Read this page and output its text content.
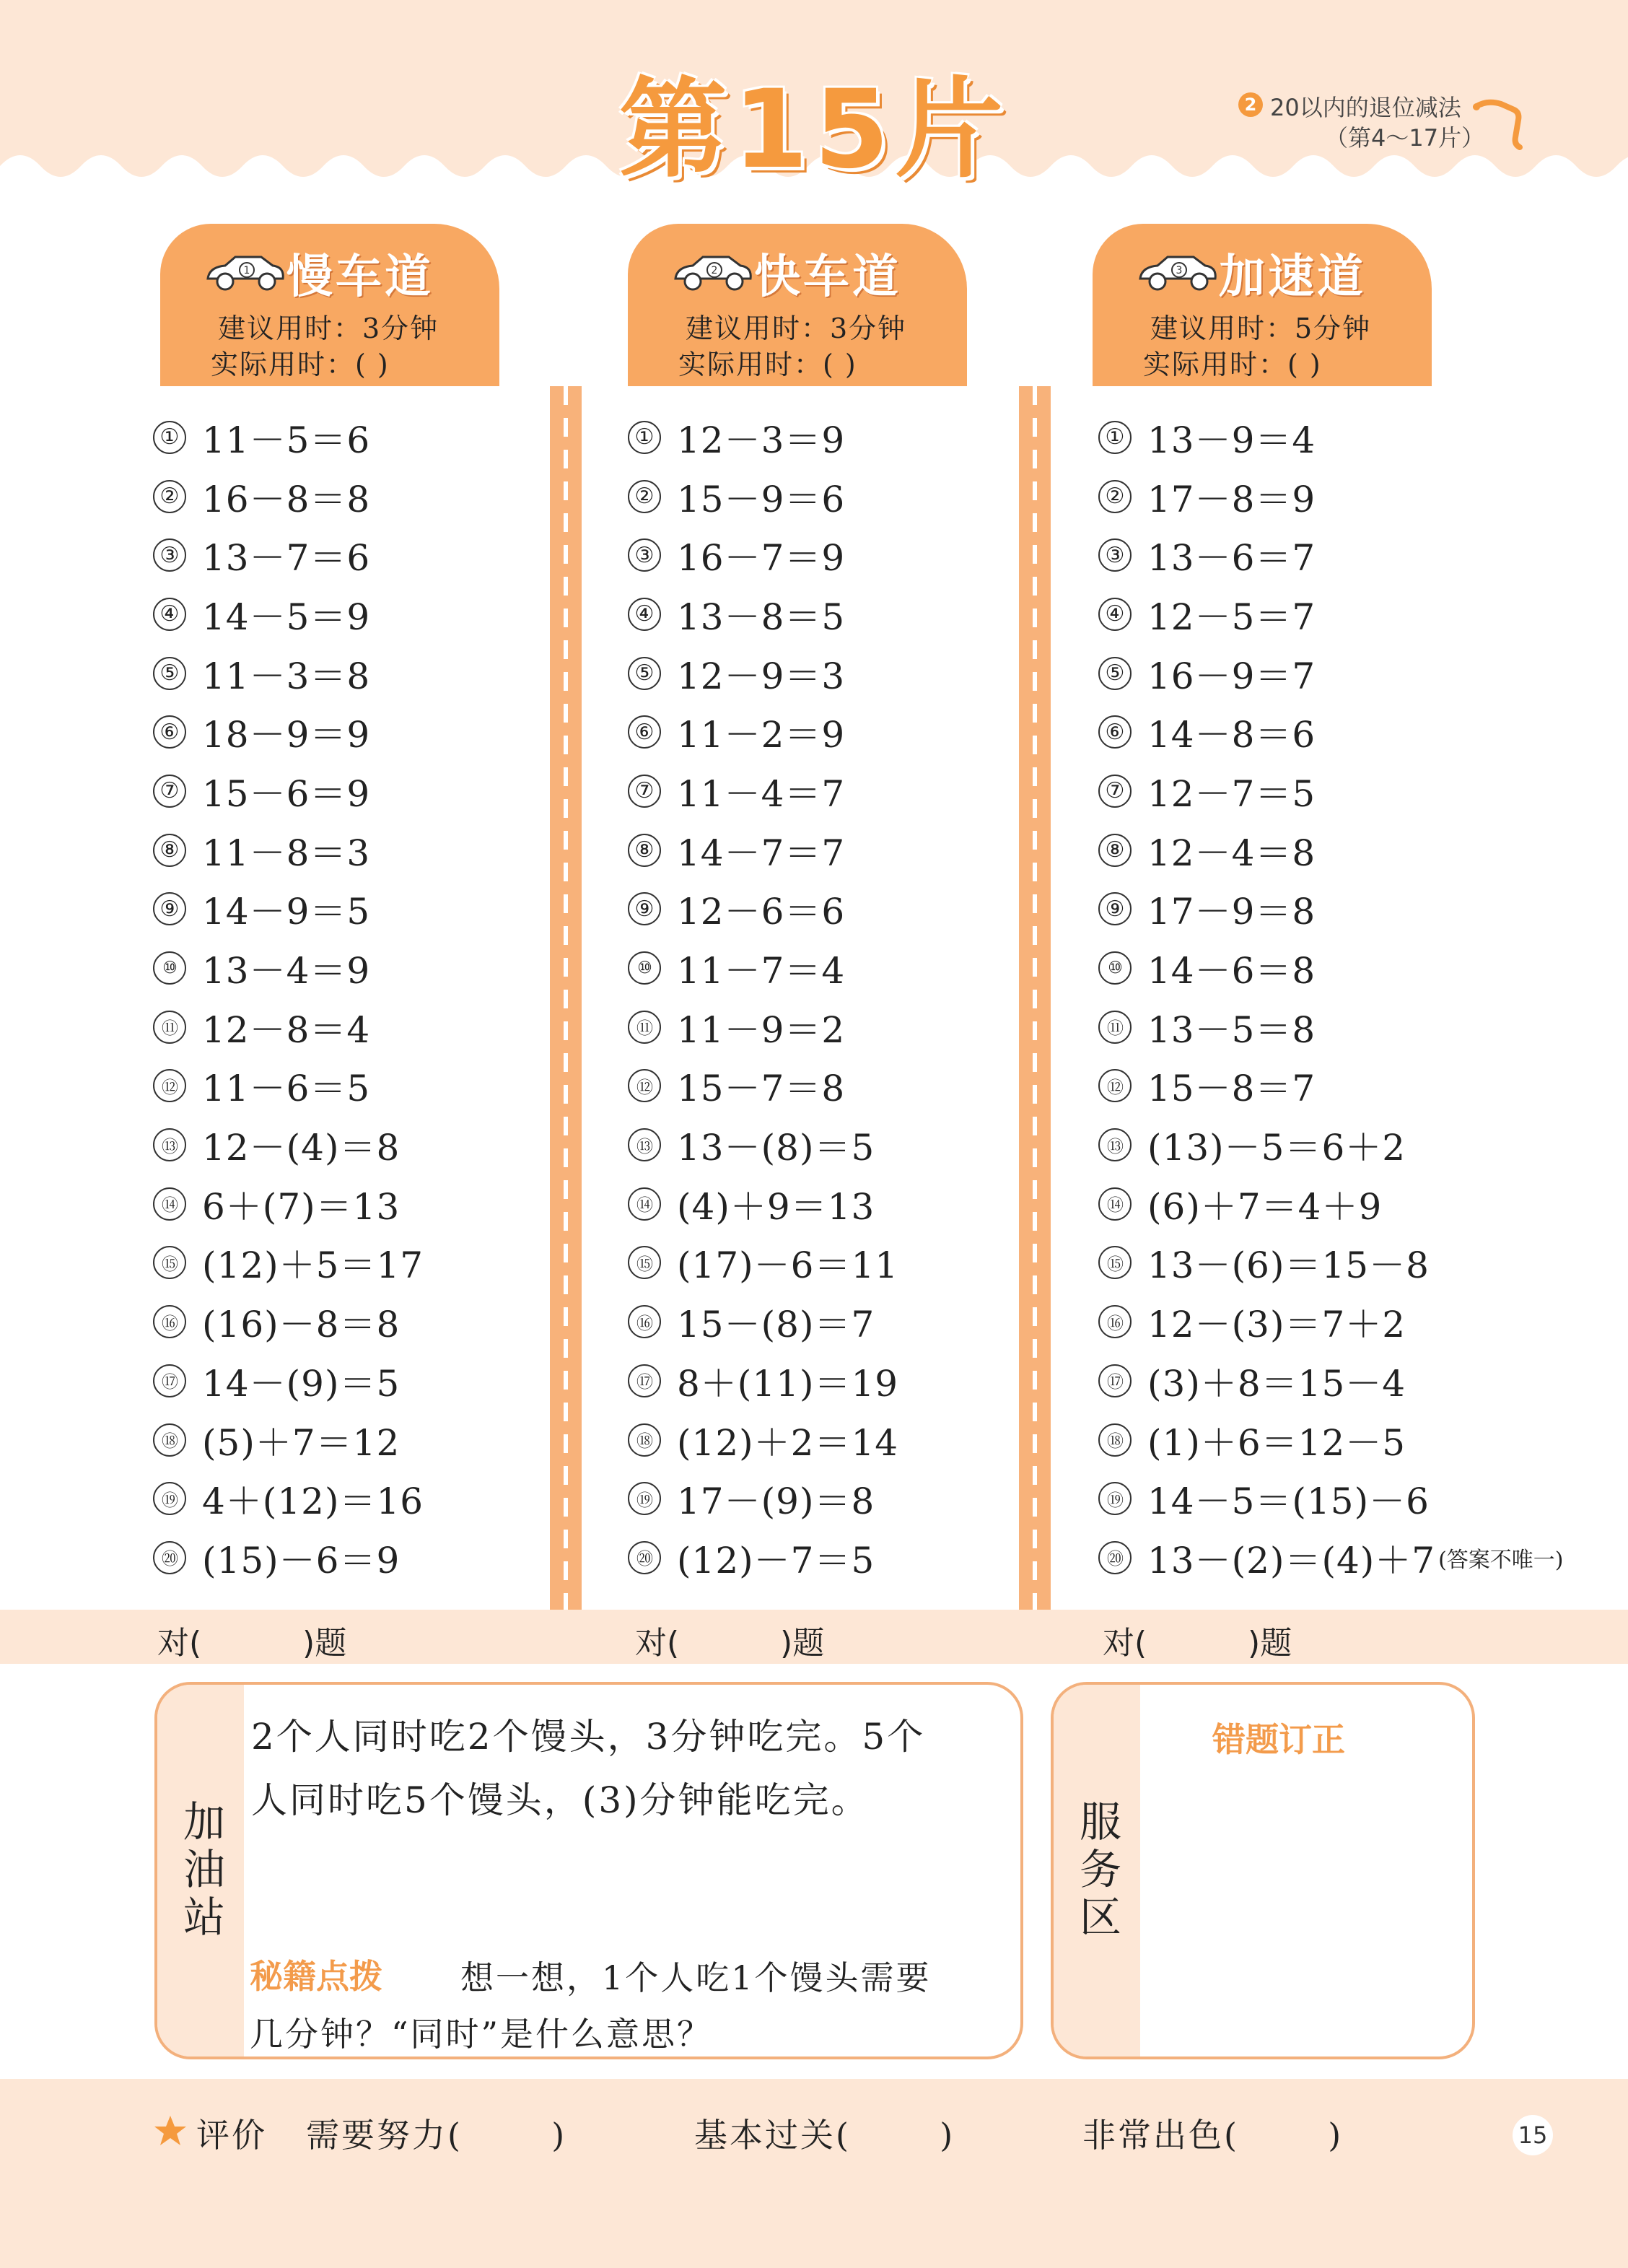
第15片	2 20以内的退位减法
（第4～17片）
1 慢车道
建议用时：3分钟
实际用时：( )
2 快车道
建议用时：3分钟
实际用时：( )
3 加速道
建议用时：5分钟
实际用时：( )
① 11－5＝6
② 16－8＝8
③ 13－7＝6
④ 14－5＝9
⑤ 11－3＝8
⑥ 18－9＝9
⑦ 15－6＝9
⑧ 11－8＝3
⑨ 14－9＝5
⑩ 13－4＝9
⑪ 12－8＝4
⑫ 11－6＝5
⑬ 12－(4)＝8
⑭ 6＋(7)＝13
⑮ (12)＋5＝17
⑯ (16)－8＝8
⑰ 14－(9)＝5
⑱ (5)＋7＝12
⑲ 4＋(12)＝16
⑳ (15)－6＝9
① 12－3＝9
② 15－9＝6
③ 16－7＝9
④ 13－8＝5
⑤ 12－9＝3
⑥ 11－2＝9
⑦ 11－4＝7
⑧ 14－7＝7
⑨ 12－6＝6
⑩ 11－7＝4
⑪ 11－9＝2
⑫ 15－7＝8
⑬ 13－(8)＝5
⑭ (4)＋9＝13
⑮ (17)－6＝11
⑯ 15－(8)＝7
⑰ 8＋(11)＝19
⑱ (12)＋2＝14
⑲ 17－(9)＝8
⑳ (12)－7＝5
① 13－9＝4
② 17－8＝9
③ 13－6＝7
④ 12－5＝7
⑤ 16－9＝7
⑥ 14－8＝6
⑦ 12－7＝5
⑧ 12－4＝8
⑨ 17－9＝8
⑩ 14－6＝8
⑪ 13－5＝8
⑫ 15－8＝7
⑬ (13)－5＝6＋2
⑭ (6)＋7＝4＋9
⑮ 13－(6)＝15－8
⑯ 12－(3)＝7＋2
⑰ (3)＋8＝15－4
⑱ (1)＋6＝12－5
⑲ 14－5＝(15)－6
⑳ 13－(2)＝(4)＋7 (答案不唯一)
对(          )题	对(          )题	对(          )题
加油站
2个人同时吃2个馒头，3分钟吃完。5个
人同时吃5个馒头，(3)分钟能吃完。
秘籍点拨 想一想，1个人吃1个馒头需要
几分钟？“同时”是什么意思？
服务区
错题订正
评价 需要努力(       )	基本过关(       )	非常出色(       )	15
